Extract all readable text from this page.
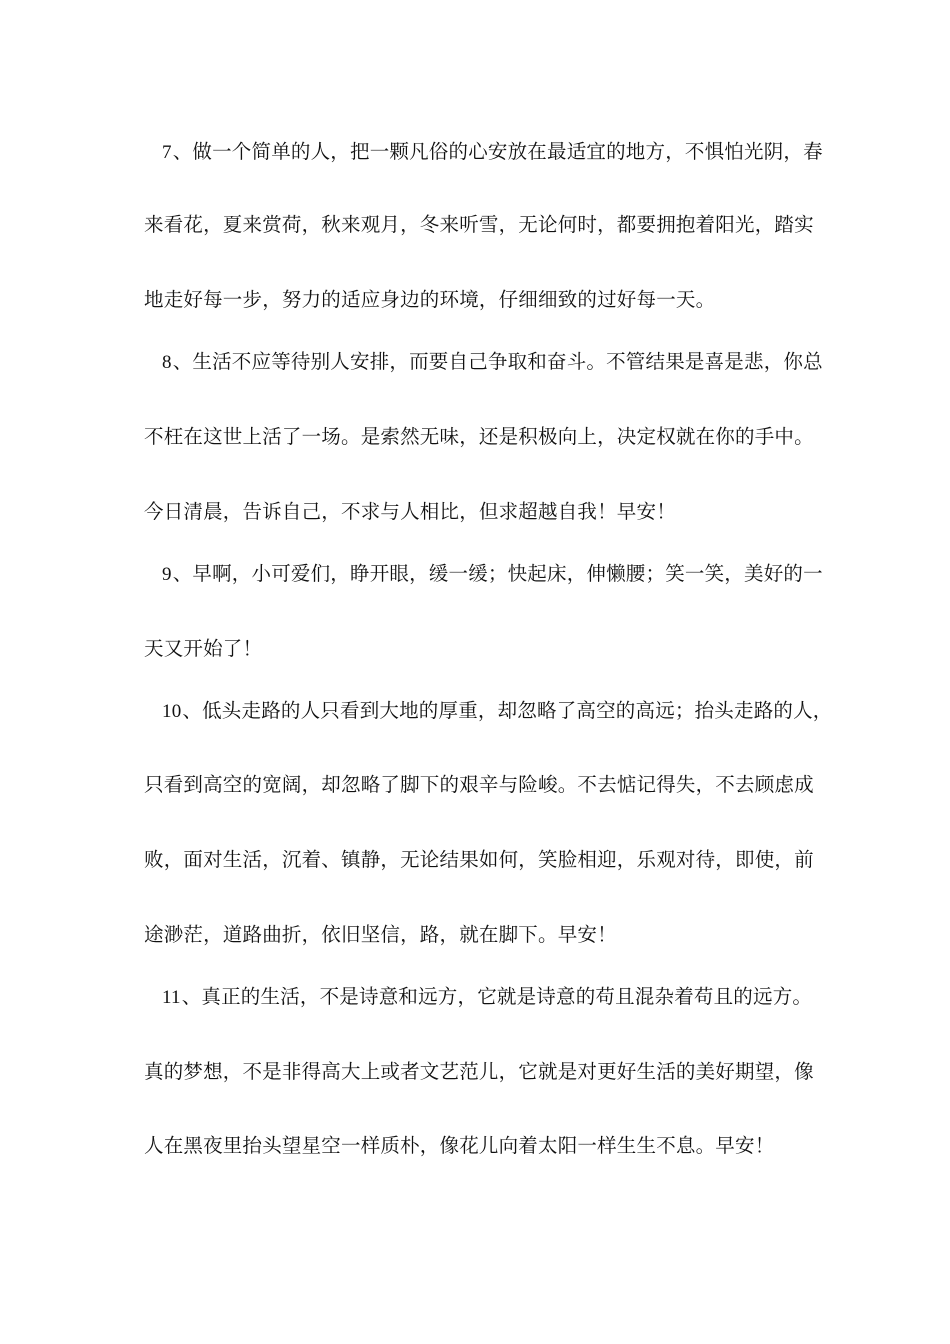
7、做一个简单的人，把一颗凡俗的心安放在最适宜的地方，不惧怕光阴，春
来看花，夏来赏荷，秋来观月，冬来听雪，无论何时，都要拥抱着阳光，踏实
地走好每一步，努力的适应身边的环境，仔细细致的过好每一天。
8、生活不应等待别人安排，而要自己争取和奋斗。不管结果是喜是悲，你总
不枉在这世上活了一场。是索然无味，还是积极向上，决定权就在你的手中。
今日清晨，告诉自己，不求与人相比，但求超越自我！早安！
9、早啊，小可爱们，睁开眼，缓一缓；快起床，伸懒腰；笑一笑，美好的一
天又开始了！
10、低头走路的人只看到大地的厚重，却忽略了高空的高远；抬头走路的人，
只看到高空的宽阔，却忽略了脚下的艰辛与险峻。不去惦记得失，不去顾虑成
败，面对生活，沉着、镇静，无论结果如何，笑脸相迎，乐观对待，即使，前
途渺茫，道路曲折，依旧坚信，路，就在脚下。早安！
11、真正的生活，不是诗意和远方，它就是诗意的苟且混杂着苟且的远方。
真的梦想，不是非得高大上或者文艺范儿，它就是对更好生活的美好期望，像
人在黑夜里抬头望星空一样质朴，像花儿向着太阳一样生生不息。早安！
